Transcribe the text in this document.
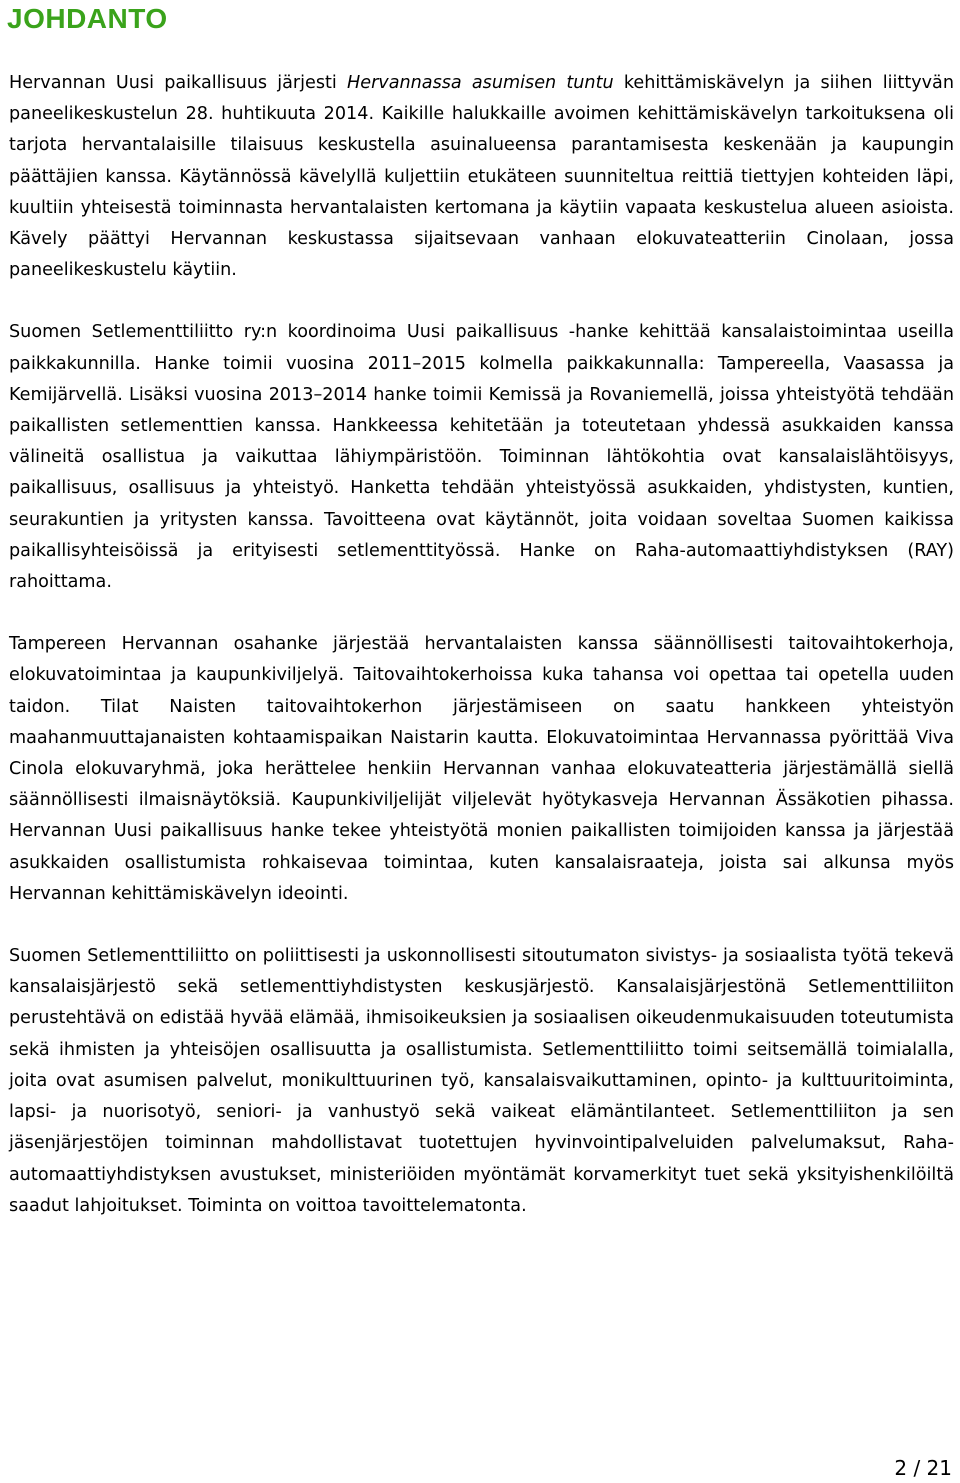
JOHDANTO

Hervannan Uusi paikallisuus järjesti Hervannassa asumisen tuntu kehittämiskävelyn ja siihen liittyvän paneelikeskustelun 28. huhtikuuta 2014. Kaikille halukkaille avoimen kehittämiskävelyn tarkoituksena oli tarjota hervantalaisille tilaisuus keskustella asuinalueensa parantamisesta keskenään ja kaupungin päättäjien kanssa. Käytännössä kävelyllä kuljettiin etukäteen suunniteltua reittiä tiettyjen kohteiden läpi, kuultiin yhteisestä toiminnasta hervantalaisten kertomana ja käytiin vapaata keskustelua alueen asioista. Kävely päättyi Hervannan keskustassa sijaitsevaan vanhaan elokuvateatteriin Cinolaan, jossa paneelikeskustelu käytiin.

Suomen Setlementtiliitto ry:n koordinoima Uusi paikallisuus -hanke kehittää kansalaistoimintaa useilla paikkakunnilla. Hanke toimii vuosina 2011–2015 kolmella paikkakunnalla: Tampereella, Vaasassa ja Kemijärvellä. Lisäksi vuosina 2013–2014 hanke toimii Kemissä ja Rovaniemellä, joissa yhteistyötä tehdään paikallisten setlementtien kanssa. Hankkeessa kehitetään ja toteutetaan yhdessä asukkaiden kanssa välineitä osallistua ja vaikuttaa lähiympäristöön. Toiminnan lähtökohtia ovat kansalaislähtöisyys, paikallisuus, osallisuus ja yhteistyö. Hanketta tehdään yhteistyössä asukkaiden, yhdistysten, kuntien, seurakuntien ja yritysten kanssa. Tavoitteena ovat käytännöt, joita voidaan soveltaa Suomen kaikissa paikallisyhteisöissä ja erityisesti setlementtityössä. Hanke on Raha-automaattiyhdistyksen (RAY) rahoittama.

Tampereen Hervannan osahanke järjestää hervantalaisten kanssa säännöllisesti taitovaihtokerhoja, elokuvatoimintaa ja kaupunkiviljelyä. Taitovaihtokerhoissa kuka tahansa voi opettaa tai opetella uuden taidon. Tilat Naisten taitovaihtokerhon järjestämiseen on saatu hankkeen yhteistyön maahanmuuttajanaisten kohtaamispaikan Naistarin kautta. Elokuvatoimintaa Hervannassa pyörittää Viva Cinola elokuvaryhmä, joka herättelee henkiin Hervannan vanhaa elokuvateatteria järjestämällä siellä säännöllisesti ilmaisnäytöksiä. Kaupunkiviljelijät viljelevät hyötykasveja Hervannan Ässäkotien pihassa. Hervannan Uusi paikallisuus hanke tekee yhteistyötä monien paikallisten toimijoiden kanssa ja järjestää asukkaiden osallistumista rohkaisevaa toimintaa, kuten kansalaisraateja, joista sai alkunsa myös Hervannan kehittämiskävelyn ideointi.

Suomen Setlementtiliitto on poliittisesti ja uskonnollisesti sitoutumaton sivistys- ja sosiaalista työtä tekevä kansalaisjärjestö sekä setlementtiyhdistysten keskusjärjestö. Kansalaisjärjestönä Setlementtiliiton perustehtävä on edistää hyvää elämää, ihmisoikeuksien ja sosiaalisen oikeudenmukaisuuden toteutumista sekä ihmisten ja yhteisöjen osallisuutta ja osallistumista. Setlementtiliitto toimi seitsemällä toimialalla, joita ovat asumisen palvelut, monikulttuurinen työ, kansalaisvaikuttaminen, opinto- ja kulttuuritoiminta, lapsi- ja nuorisotyö, seniori- ja vanhustyö sekä vaikeat elämäntilanteet. Setlementtiliiton ja sen jäsenjärjestöjen toiminnan mahdollistavat tuotettujen hyvinvointipalveluiden palvelumaksut, Raha-automaattiyhdistyksen avustukset, ministeriöiden myöntämät korvamerkityt tuet sekä yksityishenkilöiltä saadut lahjoitukset. Toiminta on voittoa tavoittelematonta.

2 / 21
